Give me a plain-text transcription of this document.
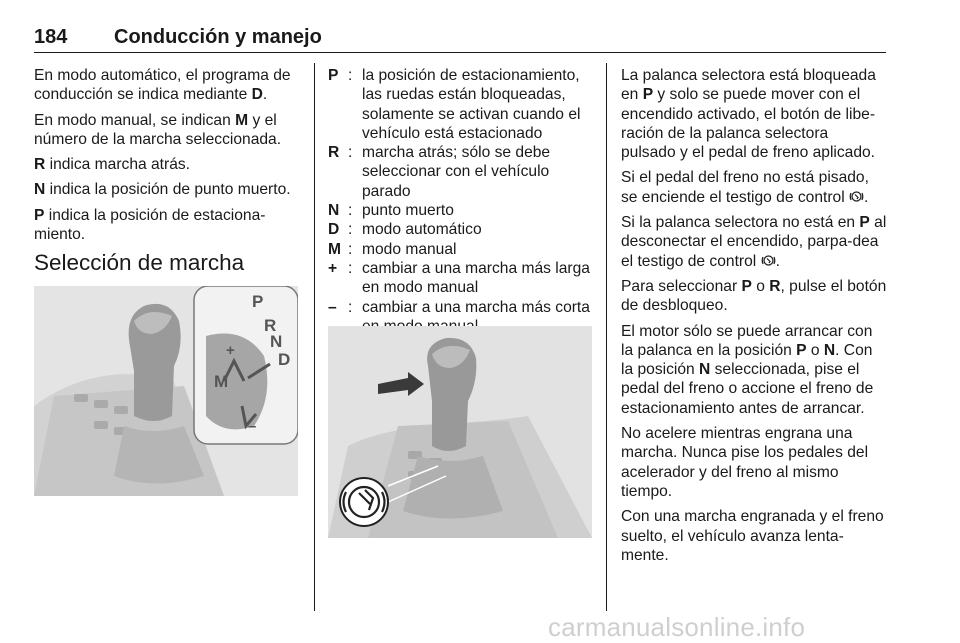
184 Conducción y manejo

En modo automático, el programa de conducción se indica mediante D.

En modo manual, se indican M y el número de la marcha seleccionada.

R indica marcha atrás.

N indica la posición de punto muerto.

P indica la posición de estaciona-miento.

Selección de marcha
P
R
N
D
M
+
–
P : la posición de estacionamiento, las ruedas están bloqueadas, solamente se activan cuando el vehículo está estacionado
R : marcha atrás; sólo se debe seleccionar con el vehículo parado
N : punto muerto
D : modo automático
M : modo manual
+ : cambiar a una marcha más larga en modo manual
– : cambiar a una marcha más corta

La palanca selectora está bloqueada en P y solo se puede mover con el encendido activado, el botón de libe-ración de la palanca selectora pulsado y el pedal de freno aplicado.

Si el pedal del freno no está pisado, se enciende el testigo de control .

Si la palanca selectora no está en P al desconectar el encendido, parpa-dea el testigo de control .

Para seleccionar P o R, pulse el botón de desbloqueo.

El motor sólo se puede arrancar con la palanca en la posición P o N. Con la posición N seleccionada, pise el pedal del freno o accione el freno de estacionamiento antes de arrancar.

No acelere mientras engrana una marcha. Nunca pise los pedales del acelerador y del freno al mismo tiempo.

Con una marcha engranada y el freno suelto, el vehículo avanza lenta-mente.

carmanualsonline.info
